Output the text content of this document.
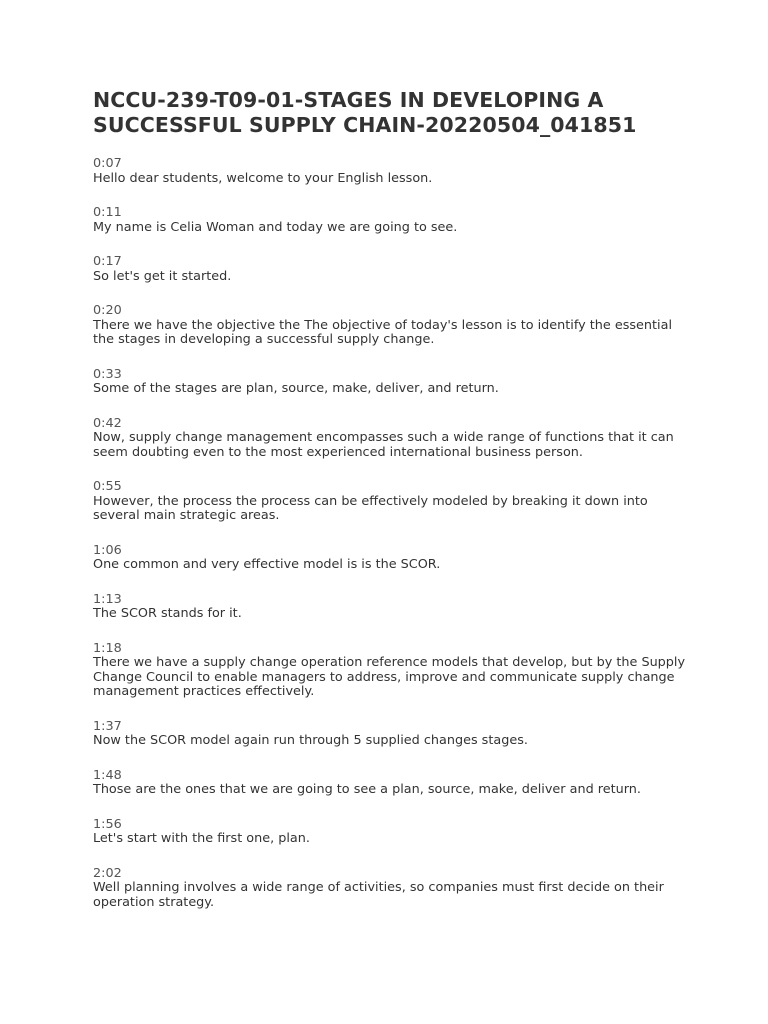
NCCU-239-T09-01-STAGES IN DEVELOPING A SUCCESSFUL SUPPLY CHAIN-20220504_041851
0:07
Hello dear students, welcome to your English lesson.
0:11
My name is Celia Woman and today we are going to see.
0:17
So let's get it started.
0:20
There we have the objective the The objective of today's lesson is to identify the essential the stages in developing a successful supply change.
0:33
Some of the stages are plan, source, make, deliver, and return.
0:42
Now, supply change management encompasses such a wide range of functions that it can seem doubting even to the most experienced international business person.
0:55
However, the process the process can be effectively modeled by breaking it down into several main strategic areas.
1:06
One common and very effective model is is the SCOR.
1:13
The SCOR stands for it.
1:18
There we have a supply change operation reference models that develop, but by the Supply Change Council to enable managers to address, improve and communicate supply change management practices effectively.
1:37
Now the SCOR model again run through 5 supplied changes stages.
1:48
Those are the ones that we are going to see a plan, source, make, deliver and return.
1:56
Let's start with the first one, plan.
2:02
Well planning involves a wide range of activities, so companies must first decide on their operation strategy.
